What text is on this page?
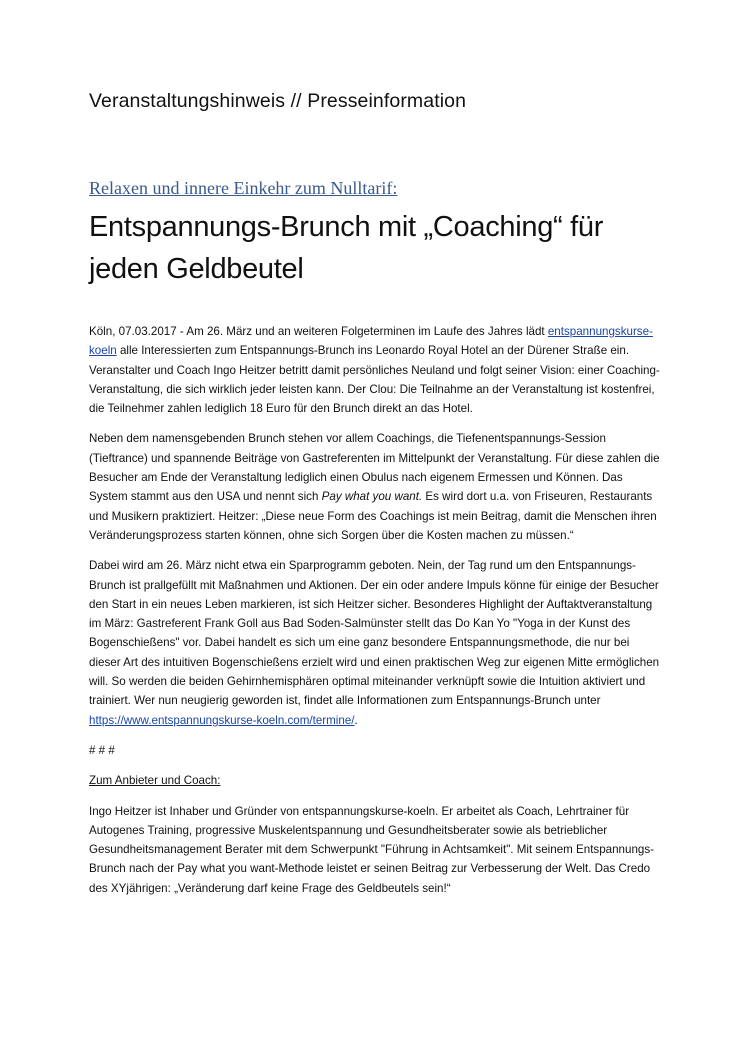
Veranstaltungshinweis // Presseinformation
Relaxen und innere Einkehr zum Nulltarif:
Entspannungs-Brunch mit „Coaching“ für jeden Geldbeutel

Köln, 07.03.2017 - Am 26. März und an weiteren Folgeterminen im Laufe des Jahres lädt entspannungskurse-koeln alle Interessierten zum Entspannungs-Brunch ins Leonardo Royal Hotel an der Dürener Straße ein. Veranstalter und Coach Ingo Heitzer betritt damit persönliches Neuland und folgt seiner Vision: einer Coaching-Veranstaltung, die sich wirklich jeder leisten kann. Der Clou: Die Teilnahme an der Veranstaltung ist kostenfrei, die Teilnehmer zahlen lediglich 18 Euro für den Brunch direkt an das Hotel.

Neben dem namensgebenden Brunch stehen vor allem Coachings, die Tiefenentspannungs-Session (Tieftrance) und spannende Beiträge von Gastreferenten im Mittelpunkt der Veranstaltung. Für diese zahlen die Besucher am Ende der Veranstaltung lediglich einen Obulus nach eigenem Ermessen und Können. Das System stammt aus den USA und nennt sich Pay what you want. Es wird dort u.a. von Friseuren, Restaurants und Musikern praktiziert. Heitzer: „Diese neue Form des Coachings ist mein Beitrag, damit die Menschen ihren Veränderungsprozess starten können, ohne sich Sorgen über die Kosten machen zu müssen.“

Dabei wird am 26. März nicht etwa ein Sparprogramm geboten. Nein, der Tag rund um den Entspannungs-Brunch ist prallgefüllt mit Maßnahmen und Aktionen. Der ein oder andere Impuls könne für einige der Besucher den Start in ein neues Leben markieren, ist sich Heitzer sicher. Besonderes Highlight der Auftaktveranstaltung im März: Gastreferent Frank Goll aus Bad Soden-Salmünster stellt das Do Kan Yo "Yoga in der Kunst des Bogenschießens" vor. Dabei handelt es sich um eine ganz besondere Entspannungsmethode, die nur bei dieser Art des intuitiven Bogenschießens erzielt wird und einen praktischen Weg zur eigenen Mitte ermöglichen will. So werden die beiden Gehirnhemisphären optimal miteinander verknüpft sowie die Intuition aktiviert und trainiert. Wer nun neugierig geworden ist, findet alle Informationen zum Entspannungs-Brunch unter https://www.entspannungskurse-koeln.com/termine/.

# # #

Zum Anbieter und Coach:

Ingo Heitzer ist Inhaber und Gründer von entspannungskurse-koeln. Er arbeitet als Coach, Lehrtrainer für Autogenes Training, progressive Muskelentspannung und Gesundheitsberater sowie als betrieblicher Gesundheitsmanagement Berater mit dem Schwerpunkt "Führung in Achtsamkeit". Mit seinem Entspannungs-Brunch nach der Pay what you want-Methode leistet er seinen Beitrag zur Verbesserung der Welt. Das Credo des XYjährigen: „Veränderung darf keine Frage des Geldbeutels sein!“
